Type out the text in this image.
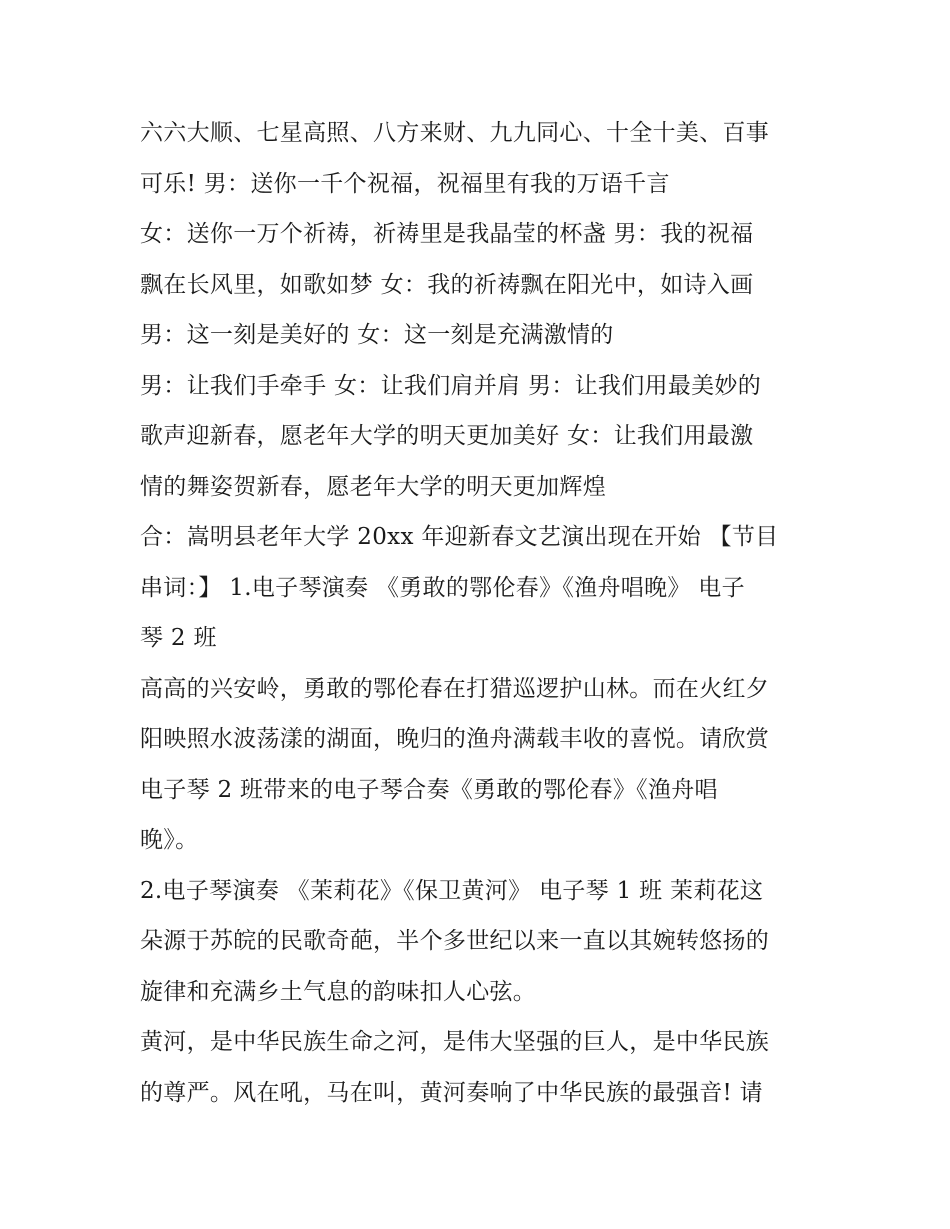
六六大顺、七星高照、八方来财、九九同心、十全十美、百事
可乐! 男：送你一千个祝福，祝福里有我的万语千言
女：送你一万个祈祷，祈祷里是我晶莹的杯盏 男：我的祝福
飘在长风里，如歌如梦 女：我的祈祷飘在阳光中，如诗入画
男：这一刻是美好的 女：这一刻是充满激情的
男：让我们手牵手 女：让我们肩并肩 男：让我们用最美妙的
歌声迎新春，愿老年大学的明天更加美好 女：让我们用最激
情的舞姿贺新春，愿老年大学的明天更加辉煌
合：嵩明县老年大学 20xx 年迎新春文艺演出现在开始 【节目
串词：】 1.电子琴演奏 《勇敢的鄂伦春》《渔舟唱晚》 电子
琴 2 班
高高的兴安岭，勇敢的鄂伦春在打猎巡逻护山林。而在火红夕
阳映照水波荡漾的湖面，晚归的渔舟满载丰收的喜悦。请欣赏
电子琴 2 班带来的电子琴合奏《勇敢的鄂伦春》《渔舟唱
晚》。
2.电子琴演奏 《茉莉花》《保卫黄河》 电子琴 1 班 茉莉花这
朵源于苏皖的民歌奇葩，半个多世纪以来一直以其婉转悠扬的
旋律和充满乡土气息的韵味扣人心弦。
黄河，是中华民族生命之河，是伟大坚强的巨人，是中华民族
的尊严。风在吼，马在叫，黄河奏响了中华民族的最强音! 请
